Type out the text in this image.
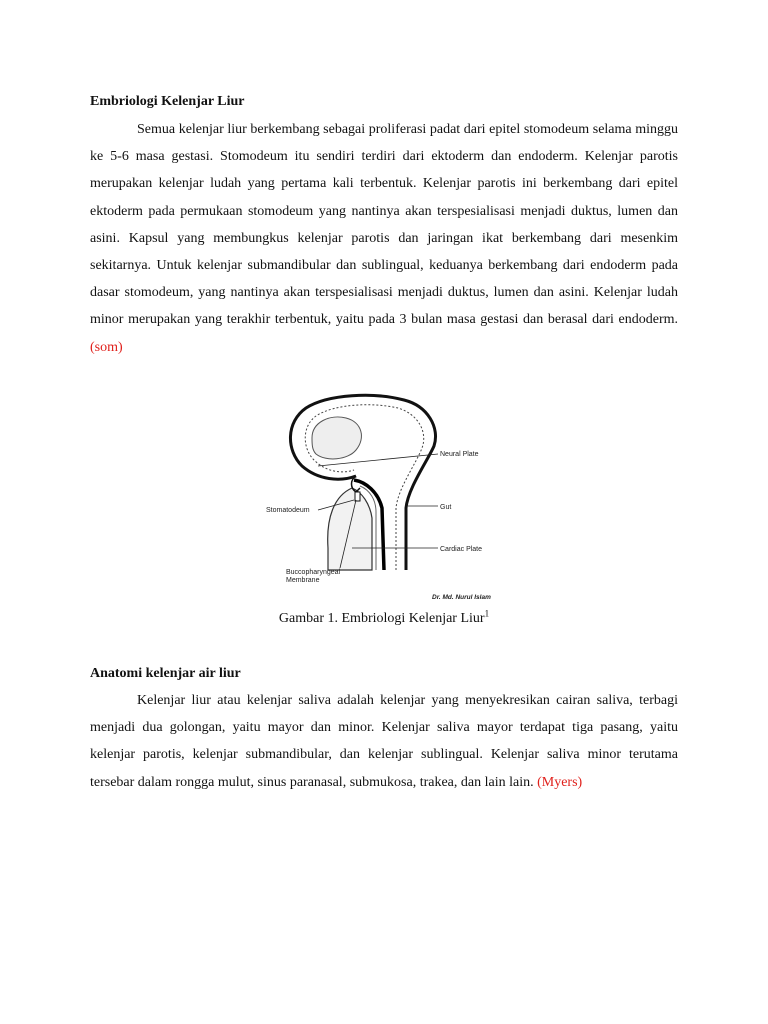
Embriologi Kelenjar Liur

Semua kelenjar liur berkembang sebagai proliferasi padat dari epitel stomodeum selama minggu ke 5-6 masa gestasi. Stomodeum itu sendiri terdiri dari ektoderm dan endoderm. Kelenjar parotis merupakan kelenjar ludah yang pertama kali terbentuk. Kelenjar parotis ini berkembang dari epitel ektoderm pada permukaan stomodeum yang nantinya akan terspesialisasi menjadi duktus, lumen dan asini. Kapsul yang membungkus kelenjar parotis dan jaringan ikat berkembang dari mesenkim sekitarnya. Untuk kelenjar submandibular dan sublingual, keduanya berkembang dari endoderm pada dasar stomodeum, yang nantinya akan terspesialisasi menjadi duktus, lumen dan asini. Kelenjar ludah minor merupakan yang terakhir terbentuk, yaitu pada 3 bulan masa gestasi dan berasal dari endoderm. (som)

Neural Plate
Gut
Stomatodeum
Cardiac Plate
Buccopharyngeal
Membrane
Dr. Md. Nurul Islam

Gambar 1. Embriologi Kelenjar Liur$^1$

Anatomi kelenjar air liur

Kelenjar liur atau kelenjar saliva adalah kelenjar yang menyekresikan cairan saliva, terbagi menjadi dua golongan, yaitu mayor dan minor. Kelenjar saliva mayor terdapat tiga pasang, yaitu kelenjar parotis, kelenjar submandibular, dan kelenjar sublingual. Kelenjar saliva minor terutama tersebar dalam rongga mulut, sinus paranasal, submukosa, trakea, dan lain lain. (Myers)
